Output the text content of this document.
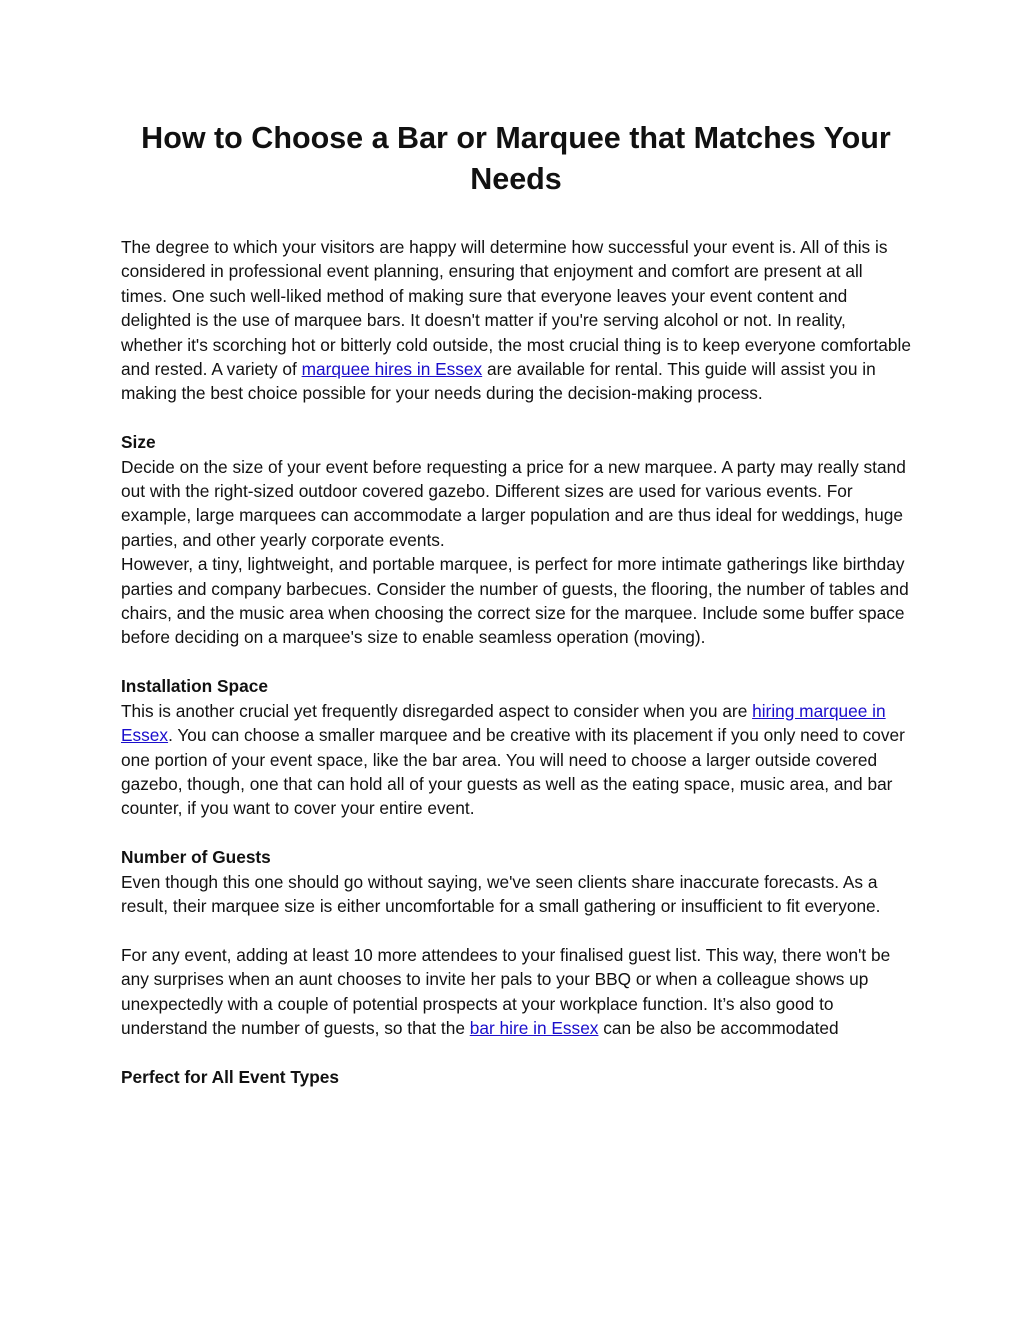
How to Choose a Bar or Marquee that Matches Your Needs

The degree to which your visitors are happy will determine how successful your event is. All of this is considered in professional event planning, ensuring that enjoyment and comfort are present at all times. One such well-liked method of making sure that everyone leaves your event content and delighted is the use of marquee bars. It doesn't matter if you're serving alcohol or not. In reality, whether it's scorching hot or bitterly cold outside, the most crucial thing is to keep everyone comfortable and rested. A variety of marquee hires in Essex are available for rental. This guide will assist you in making the best choice possible for your needs during the decision-making process.

Size

Decide on the size of your event before requesting a price for a new marquee. A party may really stand out with the right-sized outdoor covered gazebo. Different sizes are used for various events. For example, large marquees can accommodate a larger population and are thus ideal for weddings, huge parties, and other yearly corporate events.

However, a tiny, lightweight, and portable marquee, is perfect for more intimate gatherings like birthday parties and company barbecues. Consider the number of guests, the flooring, the number of tables and chairs, and the music area when choosing the correct size for the marquee. Include some buffer space before deciding on a marquee's size to enable seamless operation (moving).

Installation Space

This is another crucial yet frequently disregarded aspect to consider when you are hiring marquee in Essex. You can choose a smaller marquee and be creative with its placement if you only need to cover one portion of your event space, like the bar area. You will need to choose a larger outside covered gazebo, though, one that can hold all of your guests as well as the eating space, music area, and bar counter, if you want to cover your entire event.

Number of Guests

Even though this one should go without saying, we've seen clients share inaccurate forecasts. As a result, their marquee size is either uncomfortable for a small gathering or insufficient to fit everyone.

For any event, adding at least 10 more attendees to your finalised guest list. This way, there won't be any surprises when an aunt chooses to invite her pals to your BBQ or when a colleague shows up unexpectedly with a couple of potential prospects at your workplace function. It’s also good to understand the number of guests, so that the bar hire in Essex can be also be accommodated

Perfect for All Event Types
